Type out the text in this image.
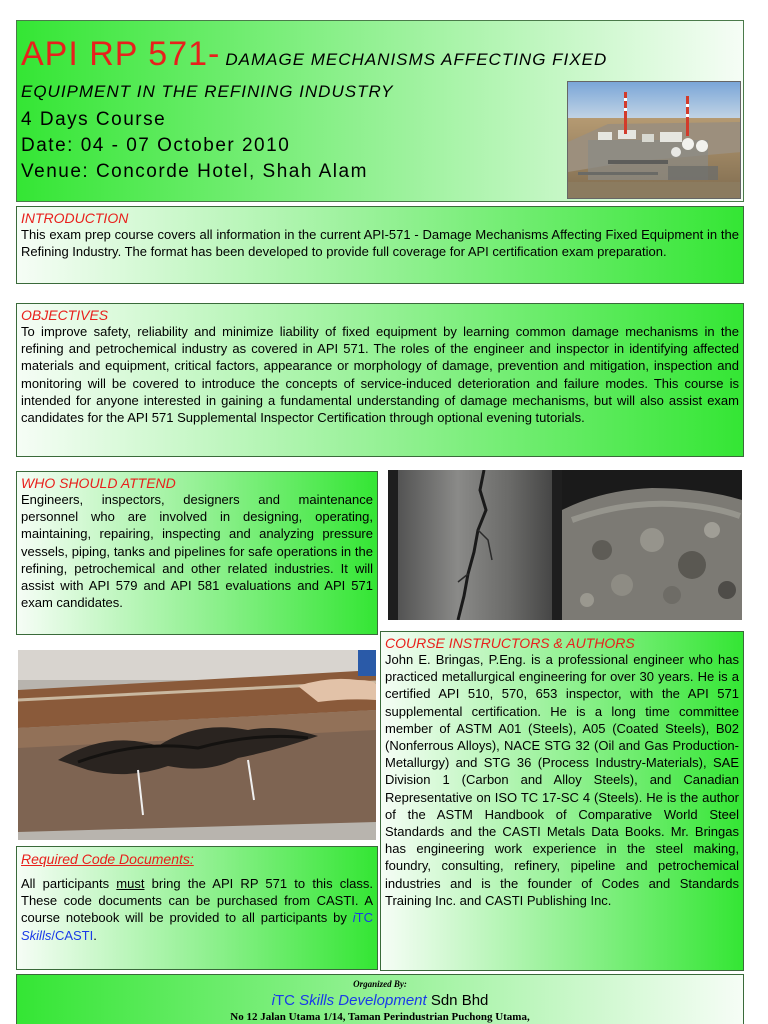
API RP 571- DAMAGE MECHANISMS AFFECTING FIXED
EQUIPMENT IN THE REFINING INDUSTRY
4 Days Course
Date: 04 - 07 October 2010
Venue: Concorde Hotel, Shah Alam
INTRODUCTION
This exam prep course covers all information in the current API-571 - Damage Mechanisms Affecting Fixed Equipment in the Refining Industry. The format has been developed to provide full coverage for API certification exam preparation.
OBJECTIVES
To improve safety, reliability and minimize liability of fixed equipment by learning common damage mechanisms in the refining and petrochemical industry as covered in API 571. The roles of the engineer and inspector in identifying affected materials and equipment, critical factors, appearance or morphology of damage, prevention and mitigation, inspection and monitoring will be covered to introduce the concepts of service-induced deterioration and failure modes. This course is intended for anyone interested in gaining a fundamental understanding of damage mechanisms, but will also assist exam candidates for the API 571 Supplemental Inspector Certification through optional evening tutorials.
WHO SHOULD ATTEND
Engineers, inspectors, designers and maintenance personnel who are involved in designing, operating, maintaining, repairing, inspecting and analyzing pressure vessels, piping, tanks and pipelines for safe operations in the refining, petrochemical and other related industries. It will assist with API 579 and API 581 evaluations and API 571 exam candidates.
COURSE INSTRUCTORS & AUTHORS
John E. Bringas, P.Eng. is a professional engineer who has practiced metallurgical engineering for over 30 years. He is a certified API 510, 570, 653 inspector, with the API 571 supplemental certification. He is a long time committee member of ASTM A01 (Steels), A05 (Coated Steels), B02 (Nonferrous Alloys), NACE STG 32 (Oil and Gas Production-Metallurgy) and STG 36 (Process Industry-Materials), SAE Division 1 (Carbon and Alloy Steels), and Canadian Representative on ISO TC 17-SC 4 (Steels). He is the author of the ASTM Handbook of Comparative World Steel Standards and the CASTI Metals Data Books. Mr. Bringas has engineering work experience in the steel making, foundry, consulting, refinery, pipeline and petrochemical industries and is the founder of Codes and Standards Training Inc. and CASTI Publishing Inc.
Required Code Documents:
All participants must bring the API RP 571 to this class. These code documents can be purchased from CASTI. A course notebook will be provided to all participants by iTC Skills/CASTI.
Organized By:
iTC Skills Development Sdn Bhd
No 12 Jalan Utama 1/14, Taman Perindustrian Puchong Utama,
